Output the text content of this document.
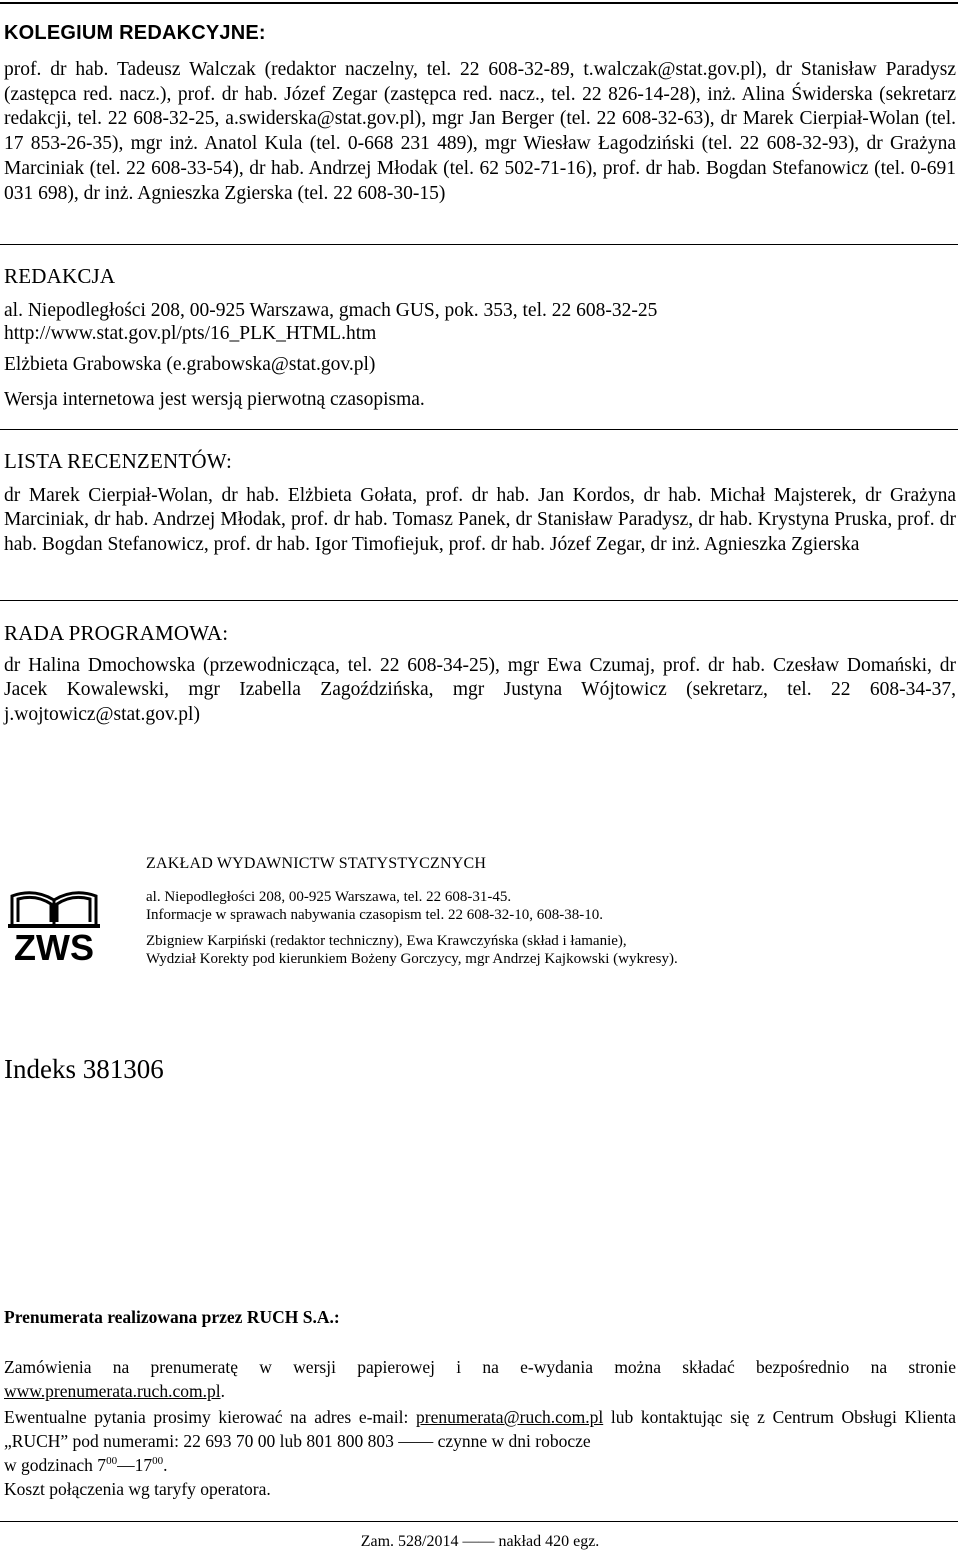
KOLEGIUM REDAKCYJNE:

prof. dr hab. Tadeusz Walczak (redaktor naczelny, tel. 22 608-32-89, t.walczak@stat.gov.pl), dr Stanisław Paradysz (zastępca red. nacz.), prof. dr hab. Józef Zegar (zastępca red. nacz., tel. 22 826-14-28), inż. Alina Świderska (sekretarz redakcji, tel. 22 608-32-25, a.swiderska@stat.gov.pl), mgr Jan Berger (tel. 22 608-32-63), dr Marek Cierpiał-Wolan (tel. 17 853-26-35), mgr inż. Anatol Kula (tel. 0-668 231 489), mgr Wiesław Łagodziński (tel. 22 608-32-93), dr Grażyna Marciniak (tel. 22 608-33-54), dr hab. Andrzej Młodak (tel. 62 502-71-16), prof. dr hab. Bogdan Stefanowicz (tel. 0-691 031 698), dr inż. Agnieszka Zgierska (tel. 22 608-30-15)

REDAKCJA

al. Niepodległości 208, 00-925 Warszawa, gmach GUS, pok. 353, tel. 22 608-32-25

http://www.stat.gov.pl/pts/16_PLK_HTML.htm

Elżbieta Grabowska (e.grabowska@stat.gov.pl)

Wersja internetowa jest wersją pierwotną czasopisma.

LISTA RECENZENTÓW:

dr Marek Cierpiał-Wolan, dr hab. Elżbieta Gołata, prof. dr hab. Jan Kordos, dr hab. Michał Majsterek, dr Grażyna Marciniak, dr hab. Andrzej Młodak, prof. dr hab. Tomasz Panek, dr Stanisław Paradysz, dr hab. Krystyna Pruska, prof. dr hab. Bogdan Stefanowicz, prof. dr hab. Igor Timofiejuk, prof. dr hab. Józef Zegar, dr inż. Agnieszka Zgierska

RADA PROGRAMOWA:

dr Halina Dmochowska (przewodnicząca, tel. 22 608-34-25), mgr Ewa Czumaj, prof. dr hab. Czesław Domański, dr Jacek Kowalewski, mgr Izabella Zagoździńska, mgr Justyna Wójtowicz (sekretarz, tel. 22 608-34-37, j.wojtowicz@stat.gov.pl)

ZWS

ZAKŁAD WYDAWNICTW STATYSTYCZNYCH

al. Niepodległości 208, 00-925 Warszawa, tel. 22 608-31-45.

Informacje w sprawach nabywania czasopism tel. 22 608-32-10, 608-38-10.

Zbigniew Karpiński (redaktor techniczny), Ewa Krawczyńska (skład i łamanie),

Wydział Korekty pod kierunkiem Bożeny Gorczycy, mgr Andrzej Kajkowski (wykresy).

Indeks 381306

Prenumerata realizowana przez RUCH S.A.:

Zamówienia na prenumeratę w wersji papierowej i na e-wydania można składać bezpośrednio na stronie www.prenumerata.ruch.com.pl.

Ewentualne pytania prosimy kierować na adres e-mail: prenumerata@ruch.com.pl lub kontaktując się z Centrum Obsługi Klienta „RUCH” pod numerami: 22 693 70 00 lub 801 800 803 —— czynne w dni robocze

w godzinach $7^{00}—17^{00}$.

Koszt połączenia wg taryfy operatora.

Zam. 528/2014 —— nakład 420 egz.
